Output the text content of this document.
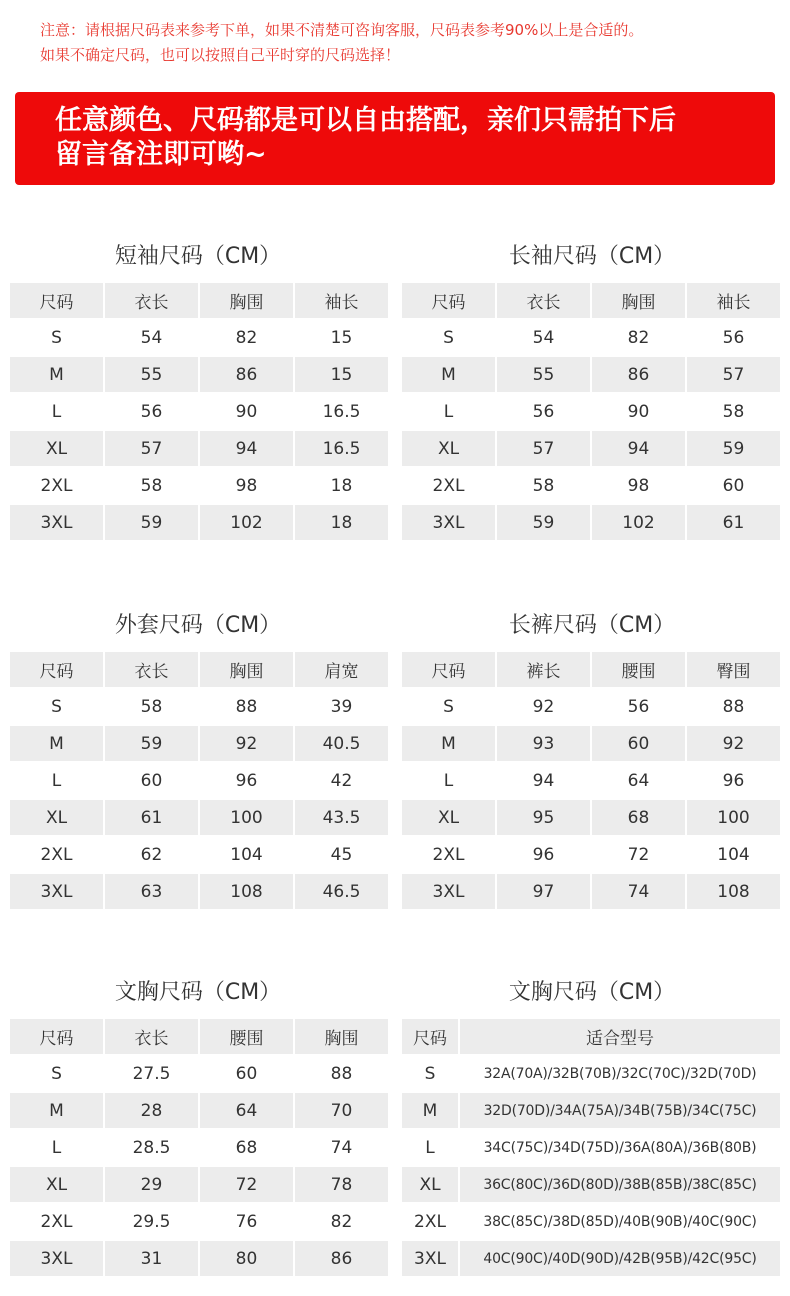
注意：请根据尺码表来参考下单，如果不清楚可咨询客服，尺码表参考90%以上是合适的。
如果不确定尺码，也可以按照自己平时穿的尺码选择！
任意颜色、尺码都是可以自由搭配，亲们只需拍下后
留言备注即可哟~
短袖尺码（CM）
尺码	衣长	胸围	袖长
S	54	82	15
M	55	86	15
L	56	90	16.5
XL	57	94	16.5
2XL	58	98	18
3XL	59	102	18
长袖尺码（CM）
尺码	衣长	胸围	袖长
S	54	82	56
M	55	86	57
L	56	90	58
XL	57	94	59
2XL	58	98	60
3XL	59	102	61
外套尺码（CM）
尺码	衣长	胸围	肩宽
S	58	88	39
M	59	92	40.5
L	60	96	42
XL	61	100	43.5
2XL	62	104	45
3XL	63	108	46.5
长裤尺码（CM）
尺码	裤长	腰围	臀围
S	92	56	88
M	93	60	92
L	94	64	96
XL	95	68	100
2XL	96	72	104
3XL	97	74	108
文胸尺码（CM）
尺码	衣长	腰围	胸围
S	27.5	60	88
M	28	64	70
L	28.5	68	74
XL	29	72	78
2XL	29.5	76	82
3XL	31	80	86
文胸尺码（CM）
尺码	适合型号
S	32A(70A)/32B(70B)/32C(70C)/32D(70D)
M	32D(70D)/34A(75A)/34B(75B)/34C(75C)
L	34C(75C)/34D(75D)/36A(80A)/36B(80B)
XL	36C(80C)/36D(80D)/38B(85B)/38C(85C)
2XL	38C(85C)/38D(85D)/40B(90B)/40C(90C)
3XL	40C(90C)/40D(90D)/42B(95B)/42C(95C)
